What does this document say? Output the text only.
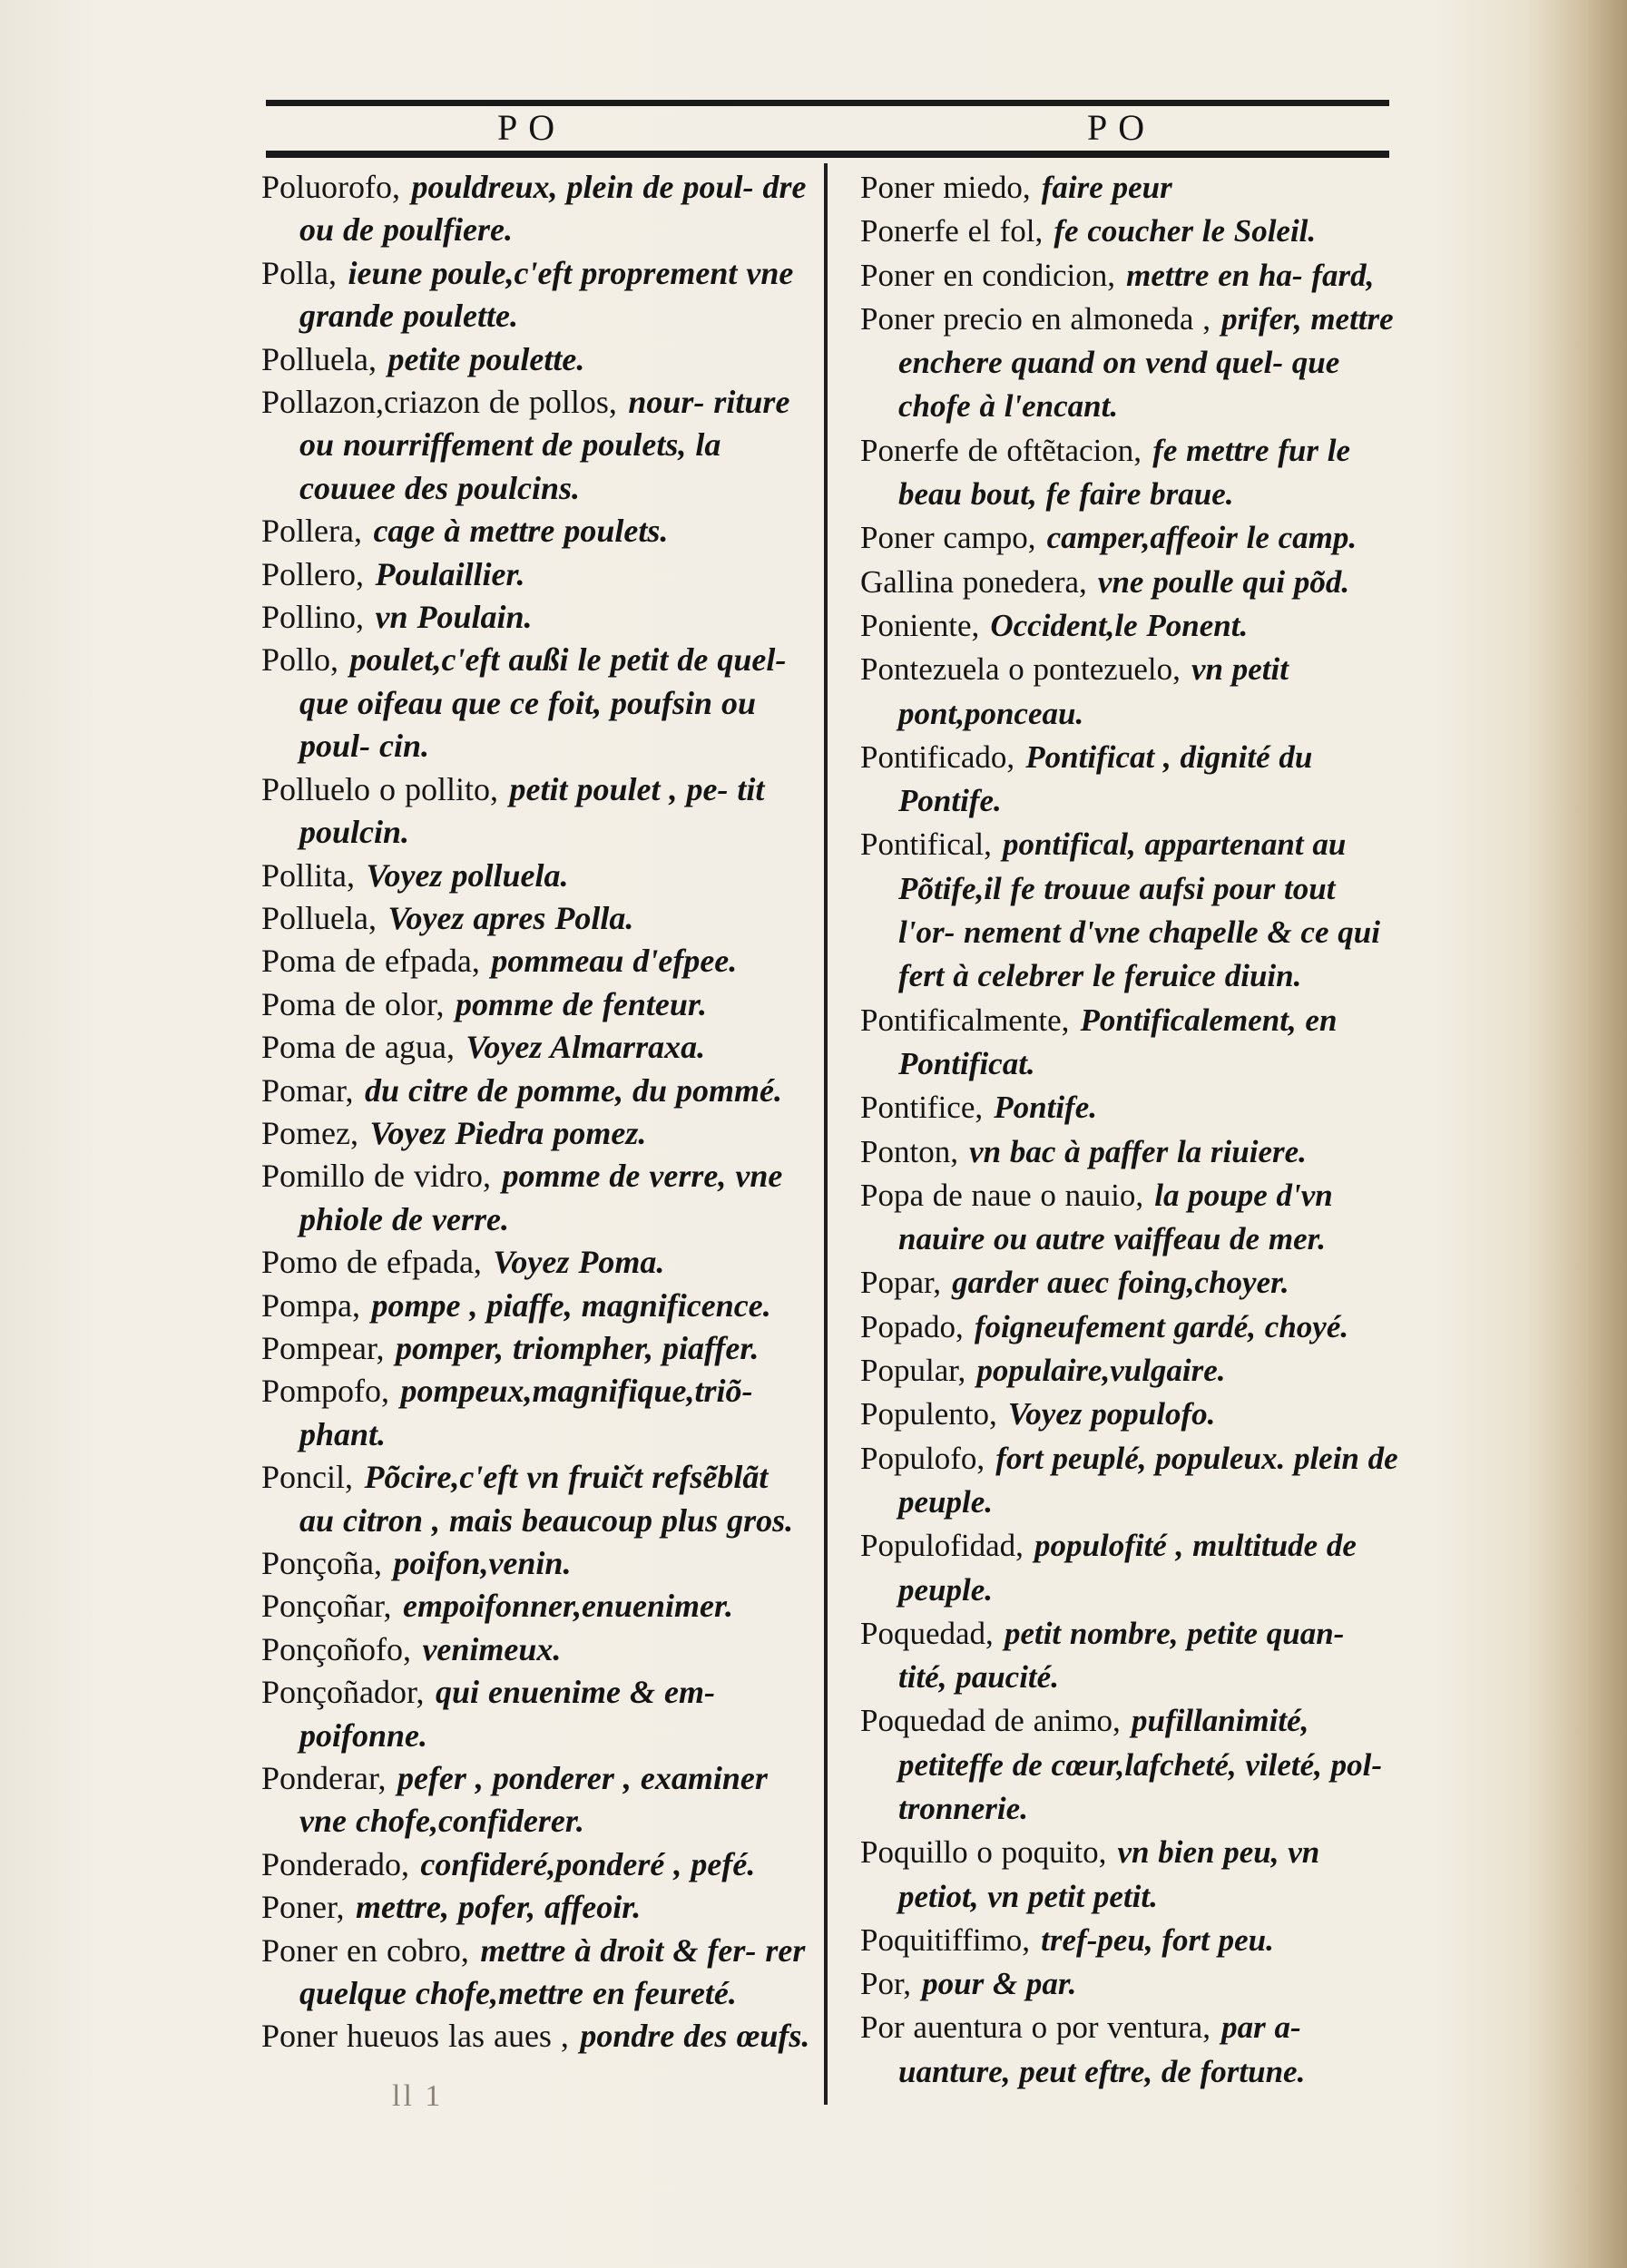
PO	PO
Poluorofo, pouldreux, plein de poul- dre ou de poulfiere.
Polla, ieune poule,c'eft proprement vne grande poulette.
Polluela, petite poulette.
Pollazon,criazon de pollos, nour- riture ou nourriffement de poulets, la couuee des poulcins.
Pollera, cage à mettre poulets.
Pollero, Poulaillier.
Pollino, vn Poulain.
Pollo, poulet,c'eft außi le petit de quel- que oifeau que ce foit, poufsin ou poul- cin.
Polluelo o pollito, petit poulet , pe- tit poulcin.
Pollita, Voyez polluela.
Polluela, Voyez apres Polla.
Poma de efpada, pommeau d'efpee.
Poma de olor, pomme de fenteur.
Poma de agua, Voyez Almarraxa.
Pomar, du citre de pomme, du pommé.
Pomez, Voyez Piedra pomez.
Pomillo de vidro, pomme de verre, vne phiole de verre.
Pomo de efpada, Voyez Poma.
Pompa, pompe , piaffe, magnificence.
Pompear, pomper, triompher, piaffer.
Pompofo, pompeux,magnifique,triõ- phant.
Poncil, Põcire,c'eft vn fruičt refsẽblãt au citron , mais beaucoup plus gros.
Ponçoña, poifon,venin.
Ponçoñar, empoifonner,enuenimer.
Ponçoñofo, venimeux.
Ponçoñador, qui enuenime & em- poifonne.
Ponderar, pefer , ponderer , examiner vne chofe,confiderer.
Ponderado, confideré,ponderé , pefé.
Poner, mettre, pofer, affeoir.
Poner en cobro, mettre à droit & fer- rer quelque chofe,mettre en feureté.
Poner hueuos las aues , pondre des œufs.
Poner miedo, faire peur
Ponerfe el fol, fe coucher le Soleil.
Poner en condicion, mettre en ha- fard,
Poner precio en almoneda , prifer, mettre enchere quand on vend quel- que chofe à l'encant.
Ponerfe de oftẽtacion, fe mettre fur le beau bout, fe faire braue.
Poner campo, camper,affeoir le camp.
Gallina ponedera, vne poulle qui põd.
Poniente, Occident,le Ponent.
Pontezuela o pontezuelo, vn petit pont,ponceau.
Pontificado, Pontificat , dignité du Pontife.
Pontifical, pontifical, appartenant au Põtife,il fe trouue aufsi pour tout l'or- nement d'vne chapelle & ce qui fert à celebrer le feruice diuin.
Pontificalmente, Pontificalement, en Pontificat.
Pontifice, Pontife.
Ponton, vn bac à paffer la riuiere.
Popa de naue o nauio, la poupe d'vn nauire ou autre vaiffeau de mer.
Popar, garder auec foing,choyer.
Popado, foigneufement gardé, choyé.
Popular, populaire,vulgaire.
Populento, Voyez populofo.
Populofo, fort peuplé, populeux. plein de peuple.
Populofidad, populofité , multitude de peuple.
Poquedad, petit nombre, petite quan- tité, paucité.
Poquedad de animo, pufillanimité, petiteffe de cœur,lafcheté, vileté, pol- tronnerie.
Poquillo o poquito, vn bien peu, vn petiot, vn petit petit.
Poquitiffimo, tref-peu, fort peu.
Por, pour & par.
Por auentura o por ventura, par a- uanture, peut eftre, de fortune.
ll 1
